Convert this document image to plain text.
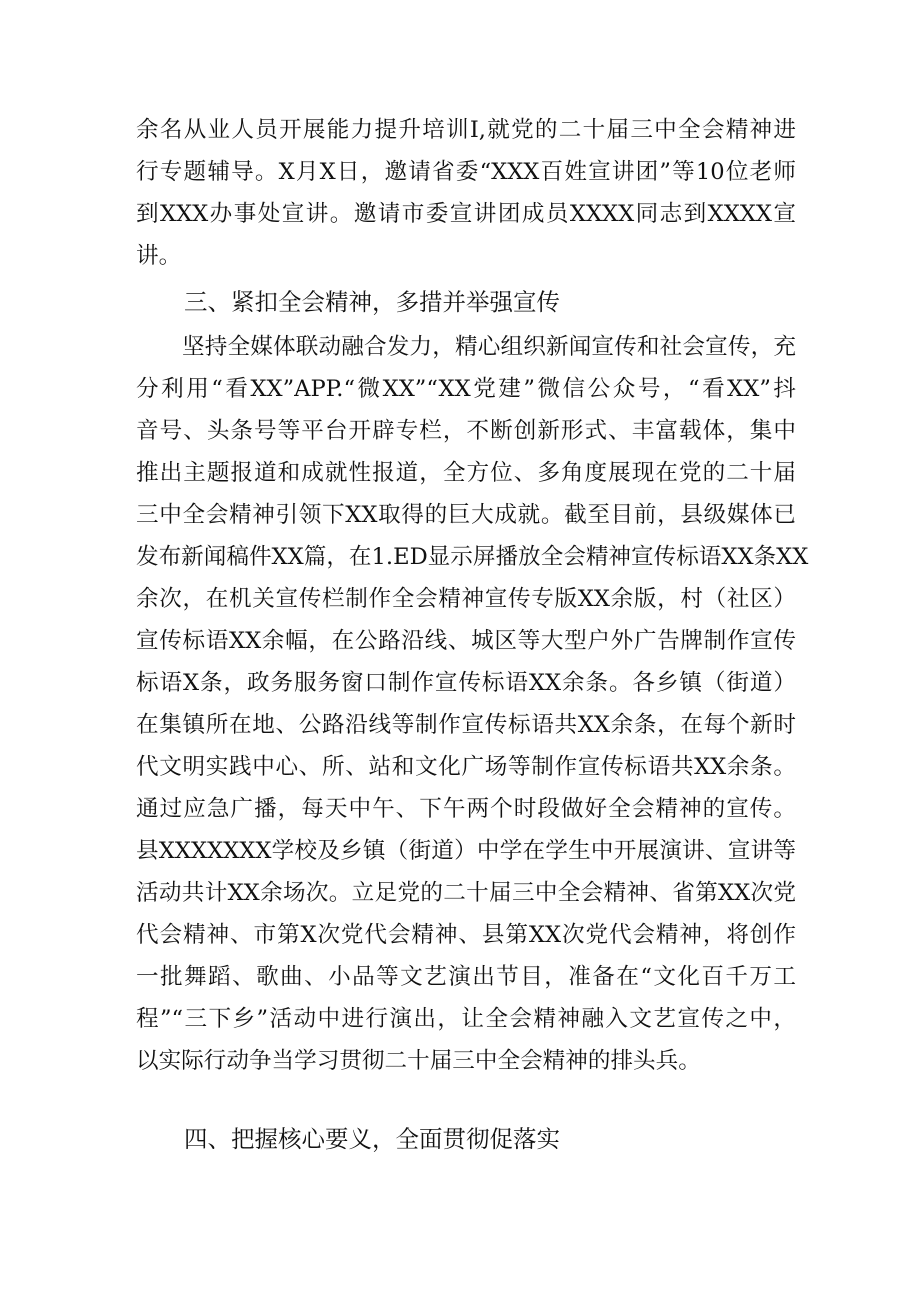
余名从业人员开展能力提升培训I,就党的二十届三中全会精神进
行专题辅导。X月X日，邀请省委“XXX百姓宣讲团”等10位老师
到XXX办事处宣讲。邀请市委宣讲团成员XXXX同志到XXXX宣
讲。
三、紧扣全会精神，多措并举强宣传
坚持全媒体联动融合发力，精心组织新闻宣传和社会宣传，充
分利用“看XX”APP.“微XX”“XX党建”微信公众号，“看XX”抖
音号、头条号等平台开辟专栏，不断创新形式、丰富载体，集中
推出主题报道和成就性报道，全方位、多角度展现在党的二十届
三中全会精神引领下XX取得的巨大成就。截至目前，县级媒体已
发布新闻稿件XX篇，在1.ED显示屏播放全会精神宣传标语XX条XX
余次，在机关宣传栏制作全会精神宣传专版XX余版，村（社区）
宣传标语XX余幅，在公路沿线、城区等大型户外广告牌制作宣传
标语X条，政务服务窗口制作宣传标语XX余条。各乡镇（街道）
在集镇所在地、公路沿线等制作宣传标语共XX余条，在每个新时
代文明实践中心、所、站和文化广场等制作宣传标语共XX余条。
通过应急广播，每天中午、下午两个时段做好全会精神的宣传。
县XXXXXXX学校及乡镇（街道）中学在学生中开展演讲、宣讲等
活动共计XX余场次。立足党的二十届三中全会精神、省第XX次党
代会精神、市第X次党代会精神、县第XX次党代会精神，将创作
一批舞蹈、歌曲、小品等文艺演出节目，准备在“文化百千万工
程”“三下乡”活动中进行演出，让全会精神融入文艺宣传之中，
以实际行动争当学习贯彻二十届三中全会精神的排头兵。
四、把握核心要义，全面贯彻促落实
